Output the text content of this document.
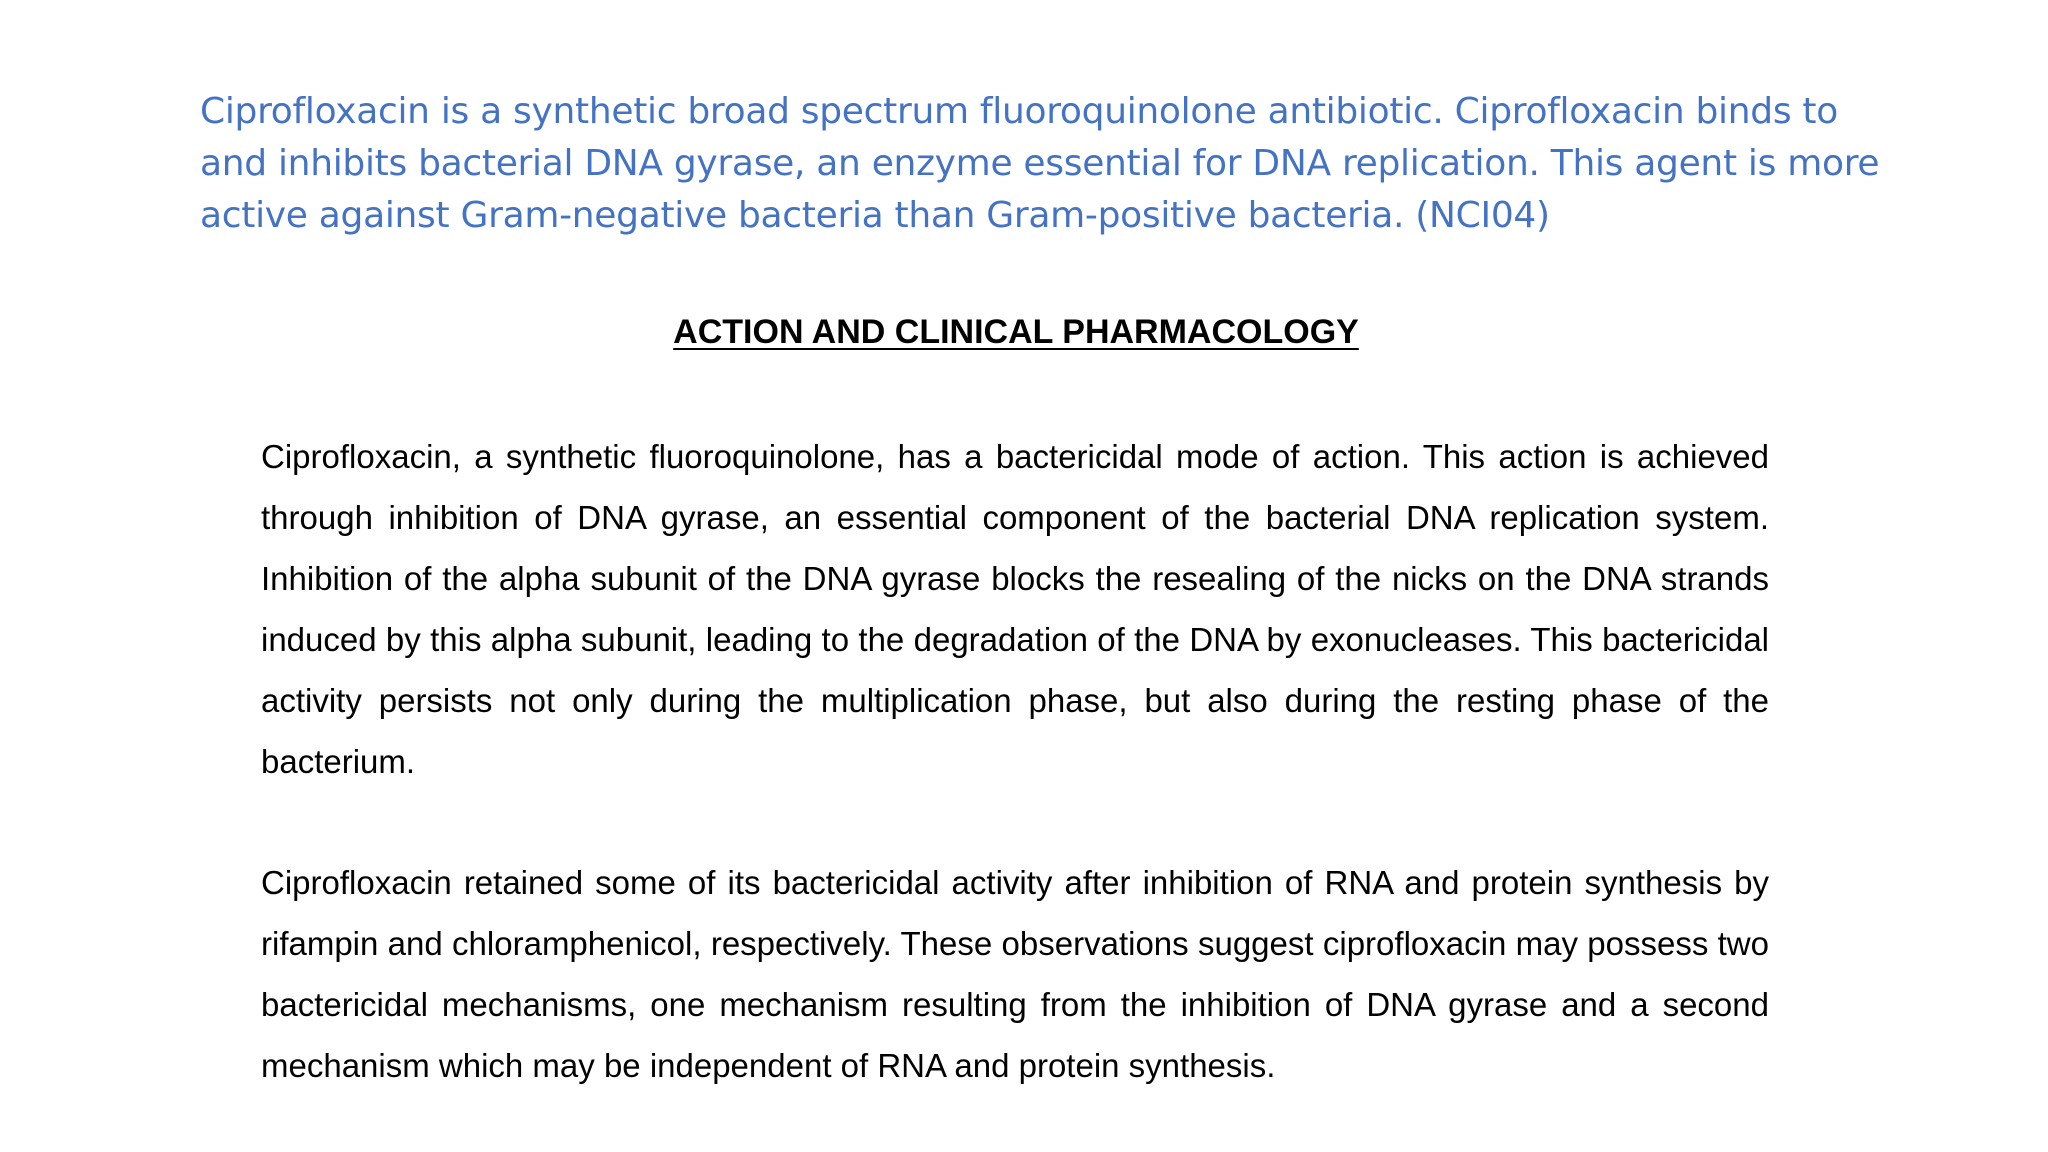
Ciprofloxacin is a synthetic broad spectrum fluoroquinolone antibiotic. Ciprofloxacin binds to and inhibits bacterial DNA gyrase, an enzyme essential for DNA replication. This agent is more active against Gram-negative bacteria than Gram-positive bacteria. (NCI04)

ACTION AND CLINICAL PHARMACOLOGY

Ciprofloxacin, a synthetic fluoroquinolone, has a bactericidal mode of action. This action is achieved through inhibition of DNA gyrase, an essential component of the bacterial DNA replication system. Inhibition of the alpha subunit of the DNA gyrase blocks the resealing of the nicks on the DNA strands induced by this alpha subunit, leading to the degradation of the DNA by exonucleases. This bactericidal activity persists not only during the multiplication phase, but also during the resting phase of the bacterium.

Ciprofloxacin retained some of its bactericidal activity after inhibition of RNA and protein synthesis by rifampin and chloramphenicol, respectively. These observations suggest ciprofloxacin may possess two bactericidal mechanisms, one mechanism resulting from the inhibition of DNA gyrase and a second mechanism which may be independent of RNA and protein synthesis.
